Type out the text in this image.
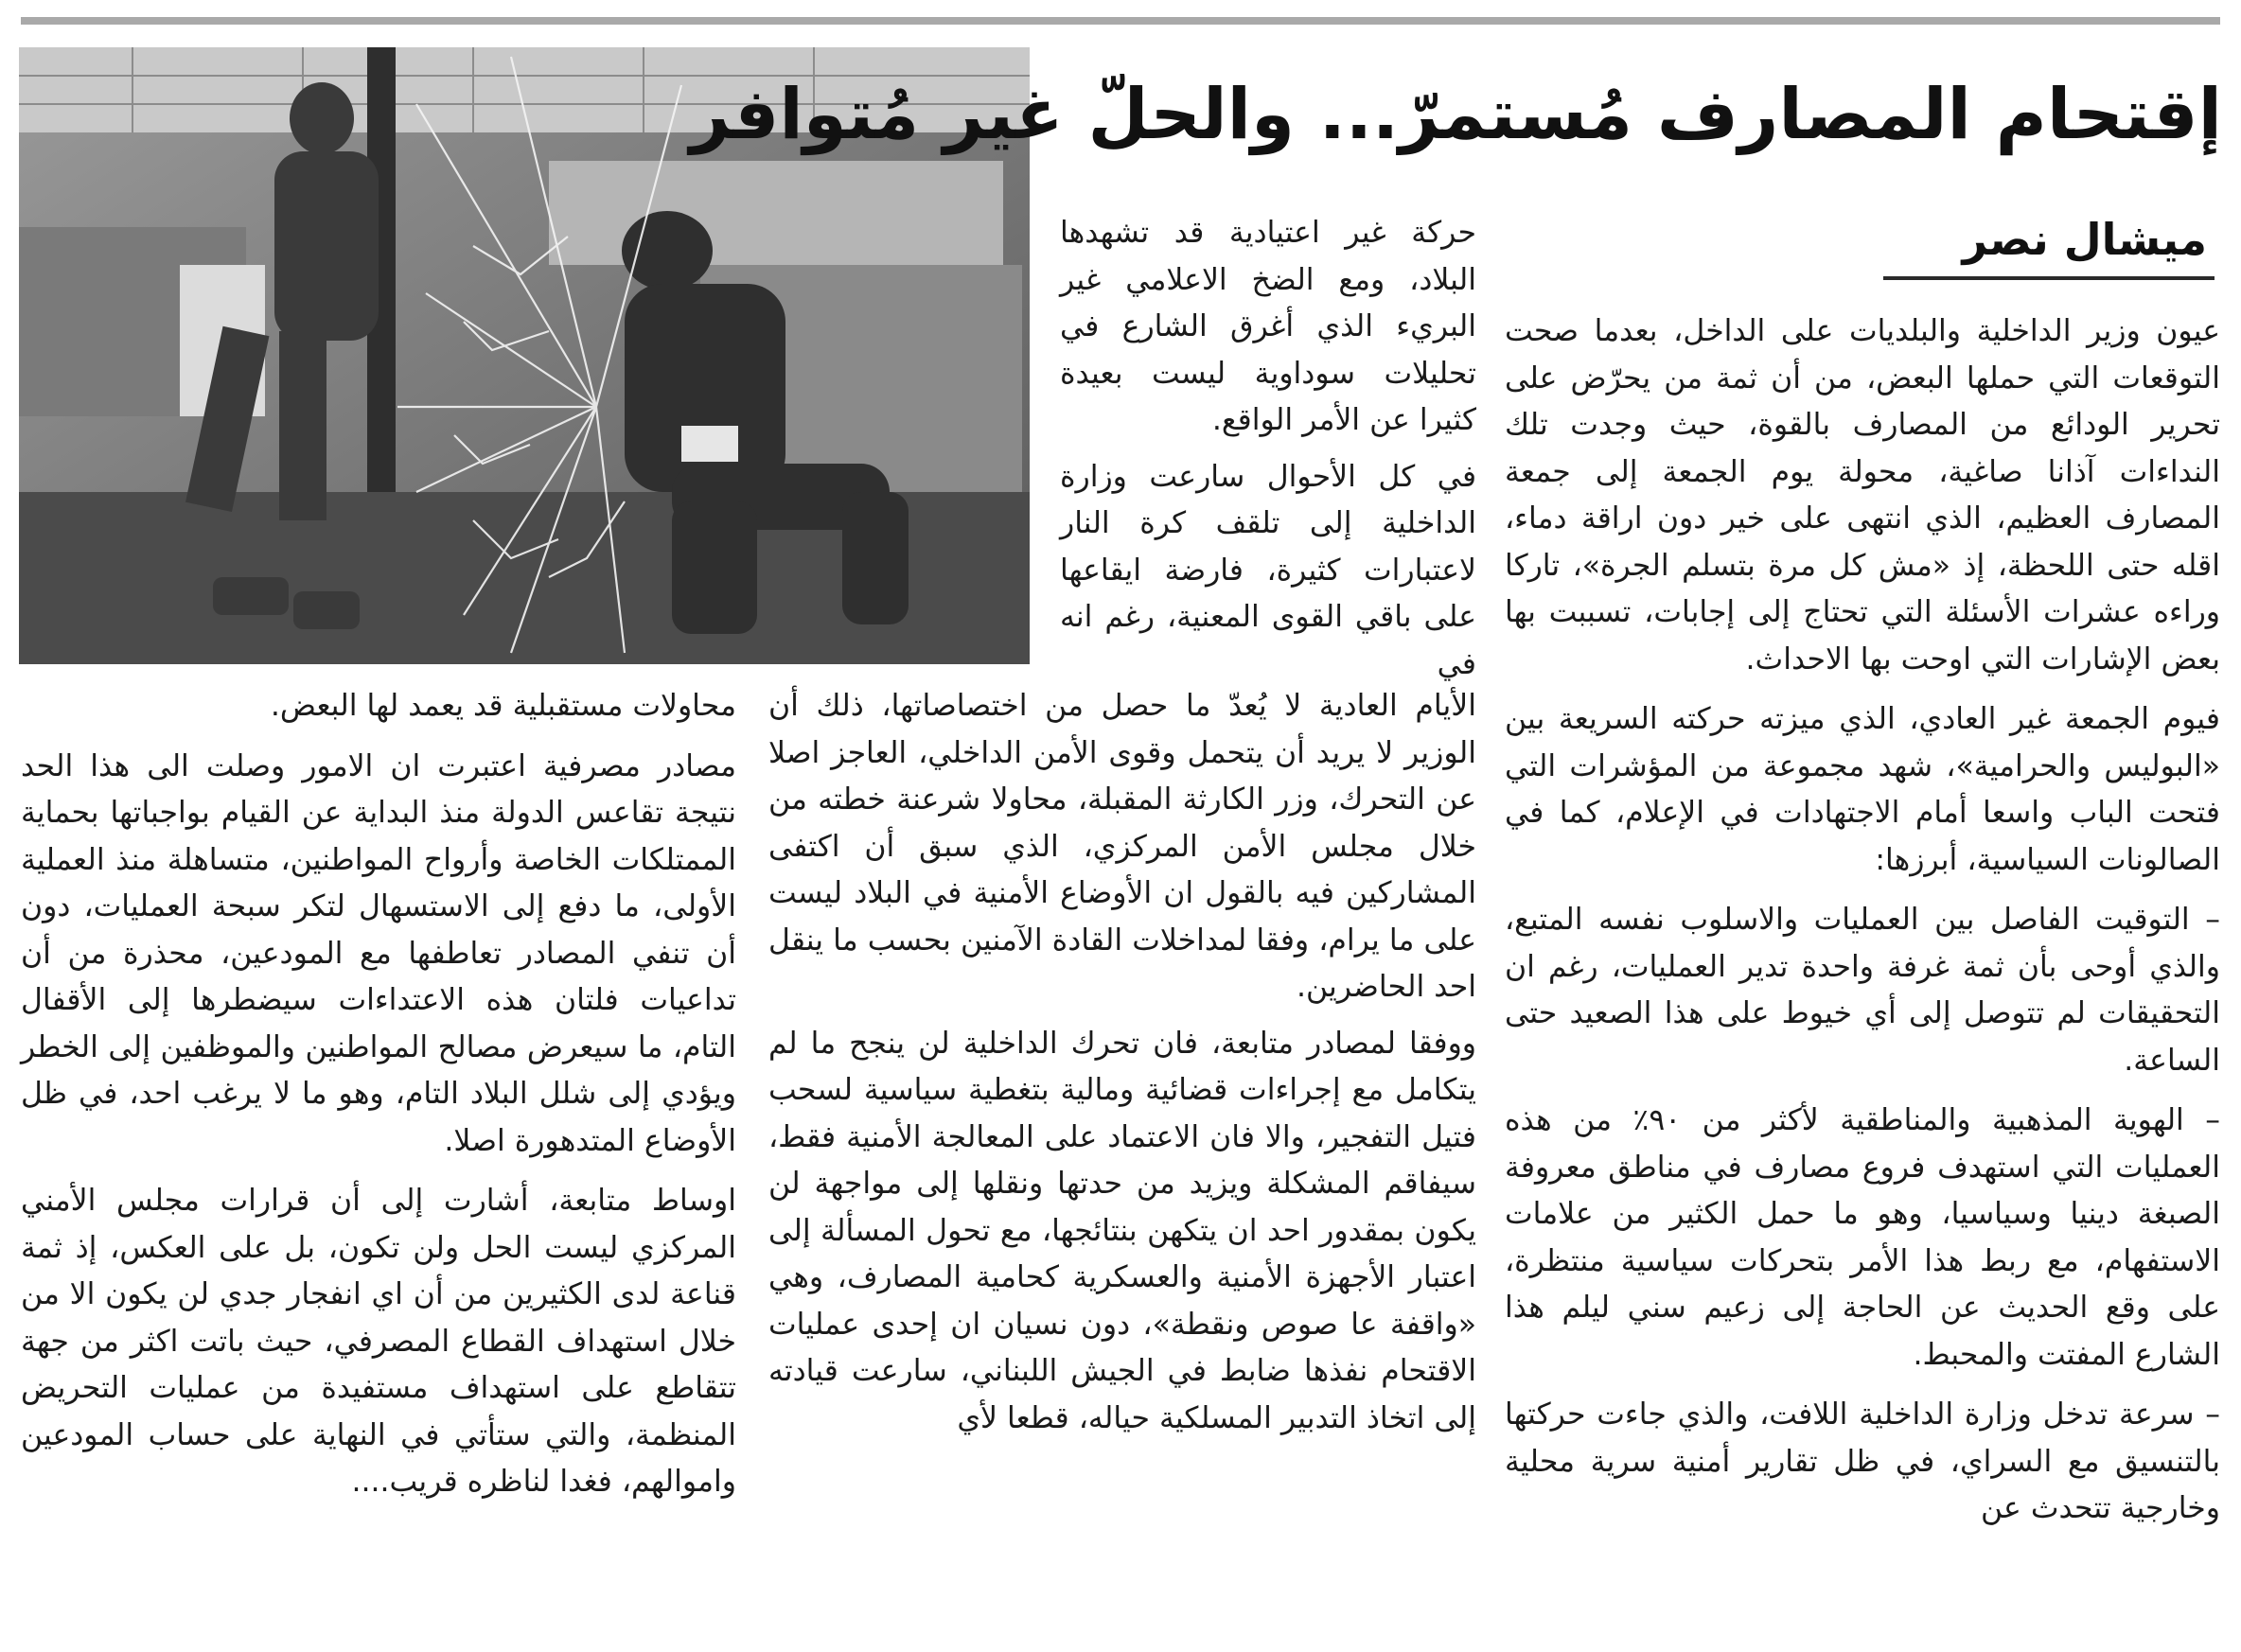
إقتحام المصارف مُستمرّ... والحلّ غير مُتوافر
ميشال نصر

عيون وزير الداخلية والبلديات على الداخل، بعدما صحت التوقعات التي حملها البعض، من أن ثمة من يحرّض على تحرير الودائع من المصارف بالقوة، حيث وجدت تلك النداءات آذانا صاغية، محولة يوم الجمعة إلى جمعة المصارف العظيم، الذي انتهى على خير دون اراقة دماء، اقله حتى اللحظة، إذ «مش كل مرة بتسلم الجرة»، تاركا وراءه عشرات الأسئلة التي تحتاج إلى إجابات، تسببت بها بعض الإشارات التي اوحت بها الاحداث.

فيوم الجمعة غير العادي، الذي ميزته حركته السريعة بين «البوليس والحرامية»، شهد مجموعة من المؤشرات التي فتحت الباب واسعا أمام الاجتهادات في الإعلام، كما في الصالونات السياسية، أبرزها:

– التوقيت الفاصل بين العمليات والاسلوب نفسه المتبع، والذي أوحى بأن ثمة غرفة واحدة تدير العمليات، رغم ان التحقيقات لم تتوصل إلى أي خيوط على هذا الصعيد حتى الساعة.

– الهوية المذهبية والمناطقية لأكثر من ٩٠٪ من هذه العمليات التي استهدف فروع مصارف في مناطق معروفة الصبغة دينيا وسياسيا، وهو ما حمل الكثير من علامات الاستفهام، مع ربط هذا الأمر بتحركات سياسية منتظرة، على وقع الحديث عن الحاجة إلى زعيم سني ليلم هذا الشارع المفتت والمحبط.

– سرعة تدخل وزارة الداخلية اللافت، والذي جاءت حركتها بالتنسيق مع السراي، في ظل تقارير أمنية سرية محلية وخارجية تتحدث عن

حركة غير اعتيادية قد تشهدها البلاد، ومع الضخ الاعلامي غير البريء الذي أغرق الشارع في تحليلات سوداوية ليست بعيدة كثيرا عن الأمر الواقع.

في كل الأحوال سارعت وزارة الداخلية إلى تلقف كرة النار لاعتبارات كثيرة، فارضة ايقاعها على باقي القوى المعنية، رغم انه في

الأيام العادية لا يُعدّ ما حصل من اختصاصاتها، ذلك أن الوزير لا يريد أن يتحمل وقوى الأمن الداخلي، العاجز اصلا عن التحرك، وزر الكارثة المقبلة، محاولا شرعنة خطته من خلال مجلس الأمن المركزي، الذي سبق أن اكتفى المشاركين فيه بالقول ان الأوضاع الأمنية في البلاد ليست على ما يرام، وفقا لمداخلات القادة الآمنين بحسب ما ينقل احد الحاضرين.

ووفقا لمصادر متابعة، فان تحرك الداخلية لن ينجح ما لم يتكامل مع إجراءات قضائية ومالية بتغطية سياسية لسحب فتيل التفجير، والا فان الاعتماد على المعالجة الأمنية فقط، سيفاقم المشكلة ويزيد من حدتها ونقلها إلى مواجهة لن يكون بمقدور احد ان يتكهن بنتائجها، مع تحول المسألة إلى اعتبار الأجهزة الأمنية والعسكرية كحامية المصارف، وهي «واقفة عا صوص ونقطة»، دون نسيان ان إحدى عمليات الاقتحام نفذها ضابط في الجيش اللبناني، سارعت قيادته إلى اتخاذ التدبير المسلكية حياله، قطعا لأي

محاولات مستقبلية قد يعمد لها البعض.

مصادر مصرفية اعتبرت ان الامور وصلت الى هذا الحد نتيجة تقاعس الدولة منذ البداية عن القيام بواجباتها بحماية الممتلكات الخاصة وأرواح المواطنين، متساهلة منذ العملية الأولى، ما دفع إلى الاستسهال لتكر سبحة العمليات، دون أن تنفي المصادر تعاطفها مع المودعين، محذرة من أن تداعيات فلتان هذه الاعتداءات سيضطرها إلى الأقفال التام، ما سيعرض مصالح المواطنين والموظفين إلى الخطر ويؤدي إلى شلل البلاد التام، وهو ما لا يرغب احد، في ظل الأوضاع المتدهورة اصلا.

اوساط متابعة، أشارت إلى أن قرارات مجلس الأمني المركزي ليست الحل ولن تكون، بل على العكس، إذ ثمة قناعة لدى الكثيرين من أن اي انفجار جدي لن يكون الا من خلال استهداف القطاع المصرفي، حيث باتت اكثر من جهة تتقاطع على استهداف مستفيدة من عمليات التحريض المنظمة، والتي ستأتي في النهاية على حساب المودعين واموالهم، فغدا لناظره قريب....
